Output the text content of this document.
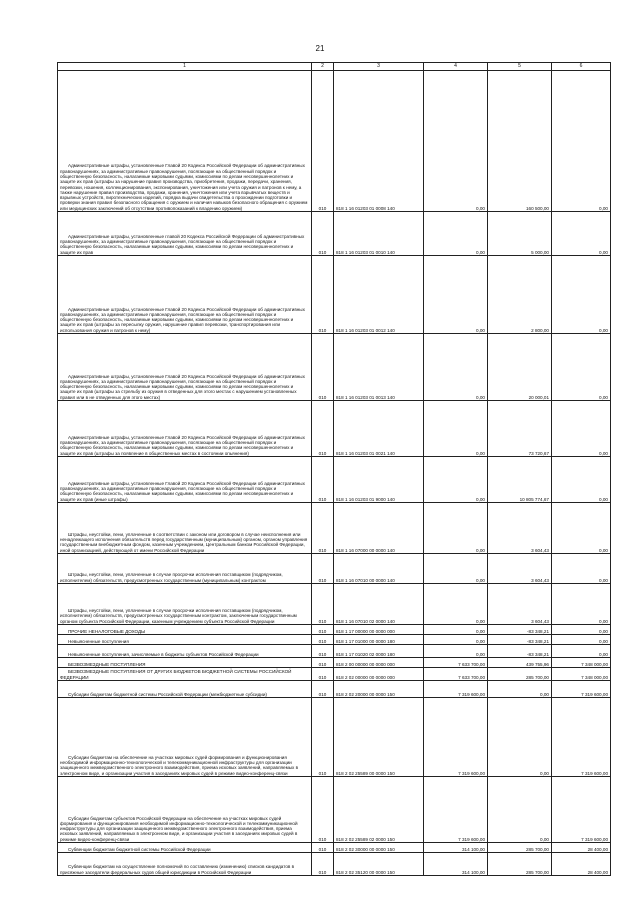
21
1	2	3	4	5	6
Административные штрафы, установленные Главой 20 Кодекса Российской Федерации об административных правонарушениях, за административные правонарушения, посягающие на общественный порядок и общественную безопасность, налагаемые мировыми судьями, комиссиями по делам несовершеннолетних и защите их прав (штрафы за нарушение правил производства, приобретения, продажи, передачи, хранения, перевозки, ношения, коллекционирования, экспонирования, уничтожения или учета оружия и патронов к нему, а также нарушение правил производства, продажи, хранения, уничтожения или учета взрывчатых веществ и взрывных устройств, пиротехнических изделий, порядка выдачи свидетельства о прохождении подготовки и проверки знания правил безопасного обращения с оружием и наличия навыков безопасного обращения с оружием или медицинских заключений об отсутствии противопоказаний к владению оружием)	010	818 1 16 01203 01 0008 140	0,00	160 500,00	0,00
Административные штрафы, установленные главой 20 Кодекса Российской Федерации об административных правонарушениях, за административные правонарушения, посягающие на общественный порядок и общественную безопасность, налагаемые мировыми судьями, комиссиями по делам несовершеннолетних и защите их прав	010	818 1 16 01203 01 0010 140	0,00	5 000,00	0,00
Административные штрафы, установленные Главой 20 Кодекса Российской Федерации об административных правонарушениях, за административные правонарушения, посягающие на общественный порядок и общественную безопасность, налагаемые мировыми судьями, комиссиями по делам несовершеннолетних и защите их прав (штрафы за пересылку оружия, нарушение правил перевозки, транспортирования или использования оружия и патронов к нему)	010	818 1 16 01203 01 0012 140	0,00	2 800,00	0,00
Административные штрафы, установленные Главой 20 Кодекса Российской Федерации об административных правонарушениях, за административные правонарушения, посягающие на общественный порядок и общественную безопасность, налагаемые мировыми судьями, комиссиями по делам несовершеннолетних и защите их прав (штрафы за стрельбу из оружия в отведенных для этого местах с нарушением установленных правил или в не отведенных для этого местах)	010	818 1 16 01203 01 0013 140	0,00	20 000,01	0,00
Административные штрафы, установленные Главой 20 Кодекса Российской Федерации об административных правонарушениях, за административные правонарушения, посягающие на общественный порядок и общественную безопасность, налагаемые мировыми судьями, комиссиями по делам несовершеннолетних и защите их прав (штрафы за появление в общественных местах в состоянии опьянения)	010	818 1 16 01203 01 0021 140	0,00	73 720,67	0,00
Административные штрафы, установленные Главой 20 Кодекса Российской Федерации об административных правонарушениях, за административные правонарушения, посягающие на общественный порядок и общественную безопасность, налагаемые мировыми судьями, комиссиями по делам несовершеннолетних и защите их прав (иные штрафы)	010	818 1 16 01203 01 9000 140	0,00	10 805 774,67	0,00
Штрафы, неустойки, пени, уплаченные в соответствии с законом или договором в случае неисполнения или ненадлежащего исполнения обязательств перед государственным (муниципальным) органом, органом управления государственным внебюджетным фондом, казенным учреждением, Центральным банком Российской Федерации, иной организацией, действующей от имени Российской Федерации	010	818 1 16 07000 00 0000 140	0,00	3 604,43	0,00
Штрафы, неустойки, пени, уплаченные в случае просрочки исполнения поставщиком (подрядчиком, исполнителем) обязательств, предусмотренных государственным (муниципальным) контрактом	010	818 1 16 07010 00 0000 140	0,00	3 604,43	0,00
Штрафы, неустойки, пени, уплаченные в случае просрочки исполнения поставщиком (подрядчиком, исполнителем) обязательств, предусмотренных государственным контрактом, заключенным государственным органом субъекта Российской Федерации, казенным учреждением субъекта Российской Федерации	010	818 1 16 07010 02 0000 140	0,00	3 604,43	0,00
ПРОЧИЕ НЕНАЛОГОВЫЕ ДОХОДЫ	010	818 1 17 00000 00 0000 000	0,00	-83 348,21	0,00
Невыясненные поступления	010	818 1 17 01000 00 0000 180	0,00	-83 348,21	0,00
Невыясненные поступления, зачисляемые в бюджеты субъектов Российской Федерации	010	818 1 17 01020 02 0000 180	0,00	-83 348,21	0,00
БЕЗВОЗМЕЗДНЫЕ ПОСТУПЛЕНИЯ	010	818 2 00 00000 00 0000 000	7 633 700,00	439 755,96	7 348 000,00
БЕЗВОЗМЕЗДНЫЕ ПОСТУПЛЕНИЯ ОТ ДРУГИХ БЮДЖЕТОВ БЮДЖЕТНОЙ СИСТЕМЫ РОССИЙСКОЙ ФЕДЕРАЦИИ	010	818 2 02 00000 00 0000 000	7 633 700,00	285 700,00	7 348 000,00
Субсидии бюджетам бюджетной системы Российской Федерации (межбюджетные субсидии)	010	818 2 02 20000 00 0000 150	7 319 600,00	0,00	7 319 600,00
Субсидии бюджетам на обеспечение на участках мировых судей формирования и функционирования необходимой информационно-технологической и телекоммуникационной инфраструктуры для организации защищенного межведомственного электронного взаимодействия, приема исковых заявлений, направляемых в электронном виде, и организации участия в заседаниях мировых судей в режиме видео-конференц-связи	010	818 2 02 25589 00 0000 150	7 319 600,00	0,00	7 319 600,00
Субсидии бюджетам субъектов Российской Федерации на обеспечение на участках мировых судей формирования и функционирования необходимой информационно-технологической и телекоммуникационной инфраструктуры для организации защищенного межведомственного электронного взаимодействия, приема исковых заявлений, направляемых в электронном виде, и организации участия в заседаниях мировых судей в режиме видео-конференц-связи	010	818 2 02 25589 02 0000 150	7 319 600,00	0,00	7 319 600,00
Субвенции бюджетам бюджетной системы Российской Федерации	010	818 2 02 30000 00 0000 150	314 100,00	285 700,00	28 400,00
Субвенции бюджетам на осуществление полномочий по составлению (изменению) списков кандидатов в присяжные заседатели федеральных судов общей юрисдикции в Российской Федерации	010	818 2 02 35120 00 0000 150	314 100,00	285 700,00	28 400,00
